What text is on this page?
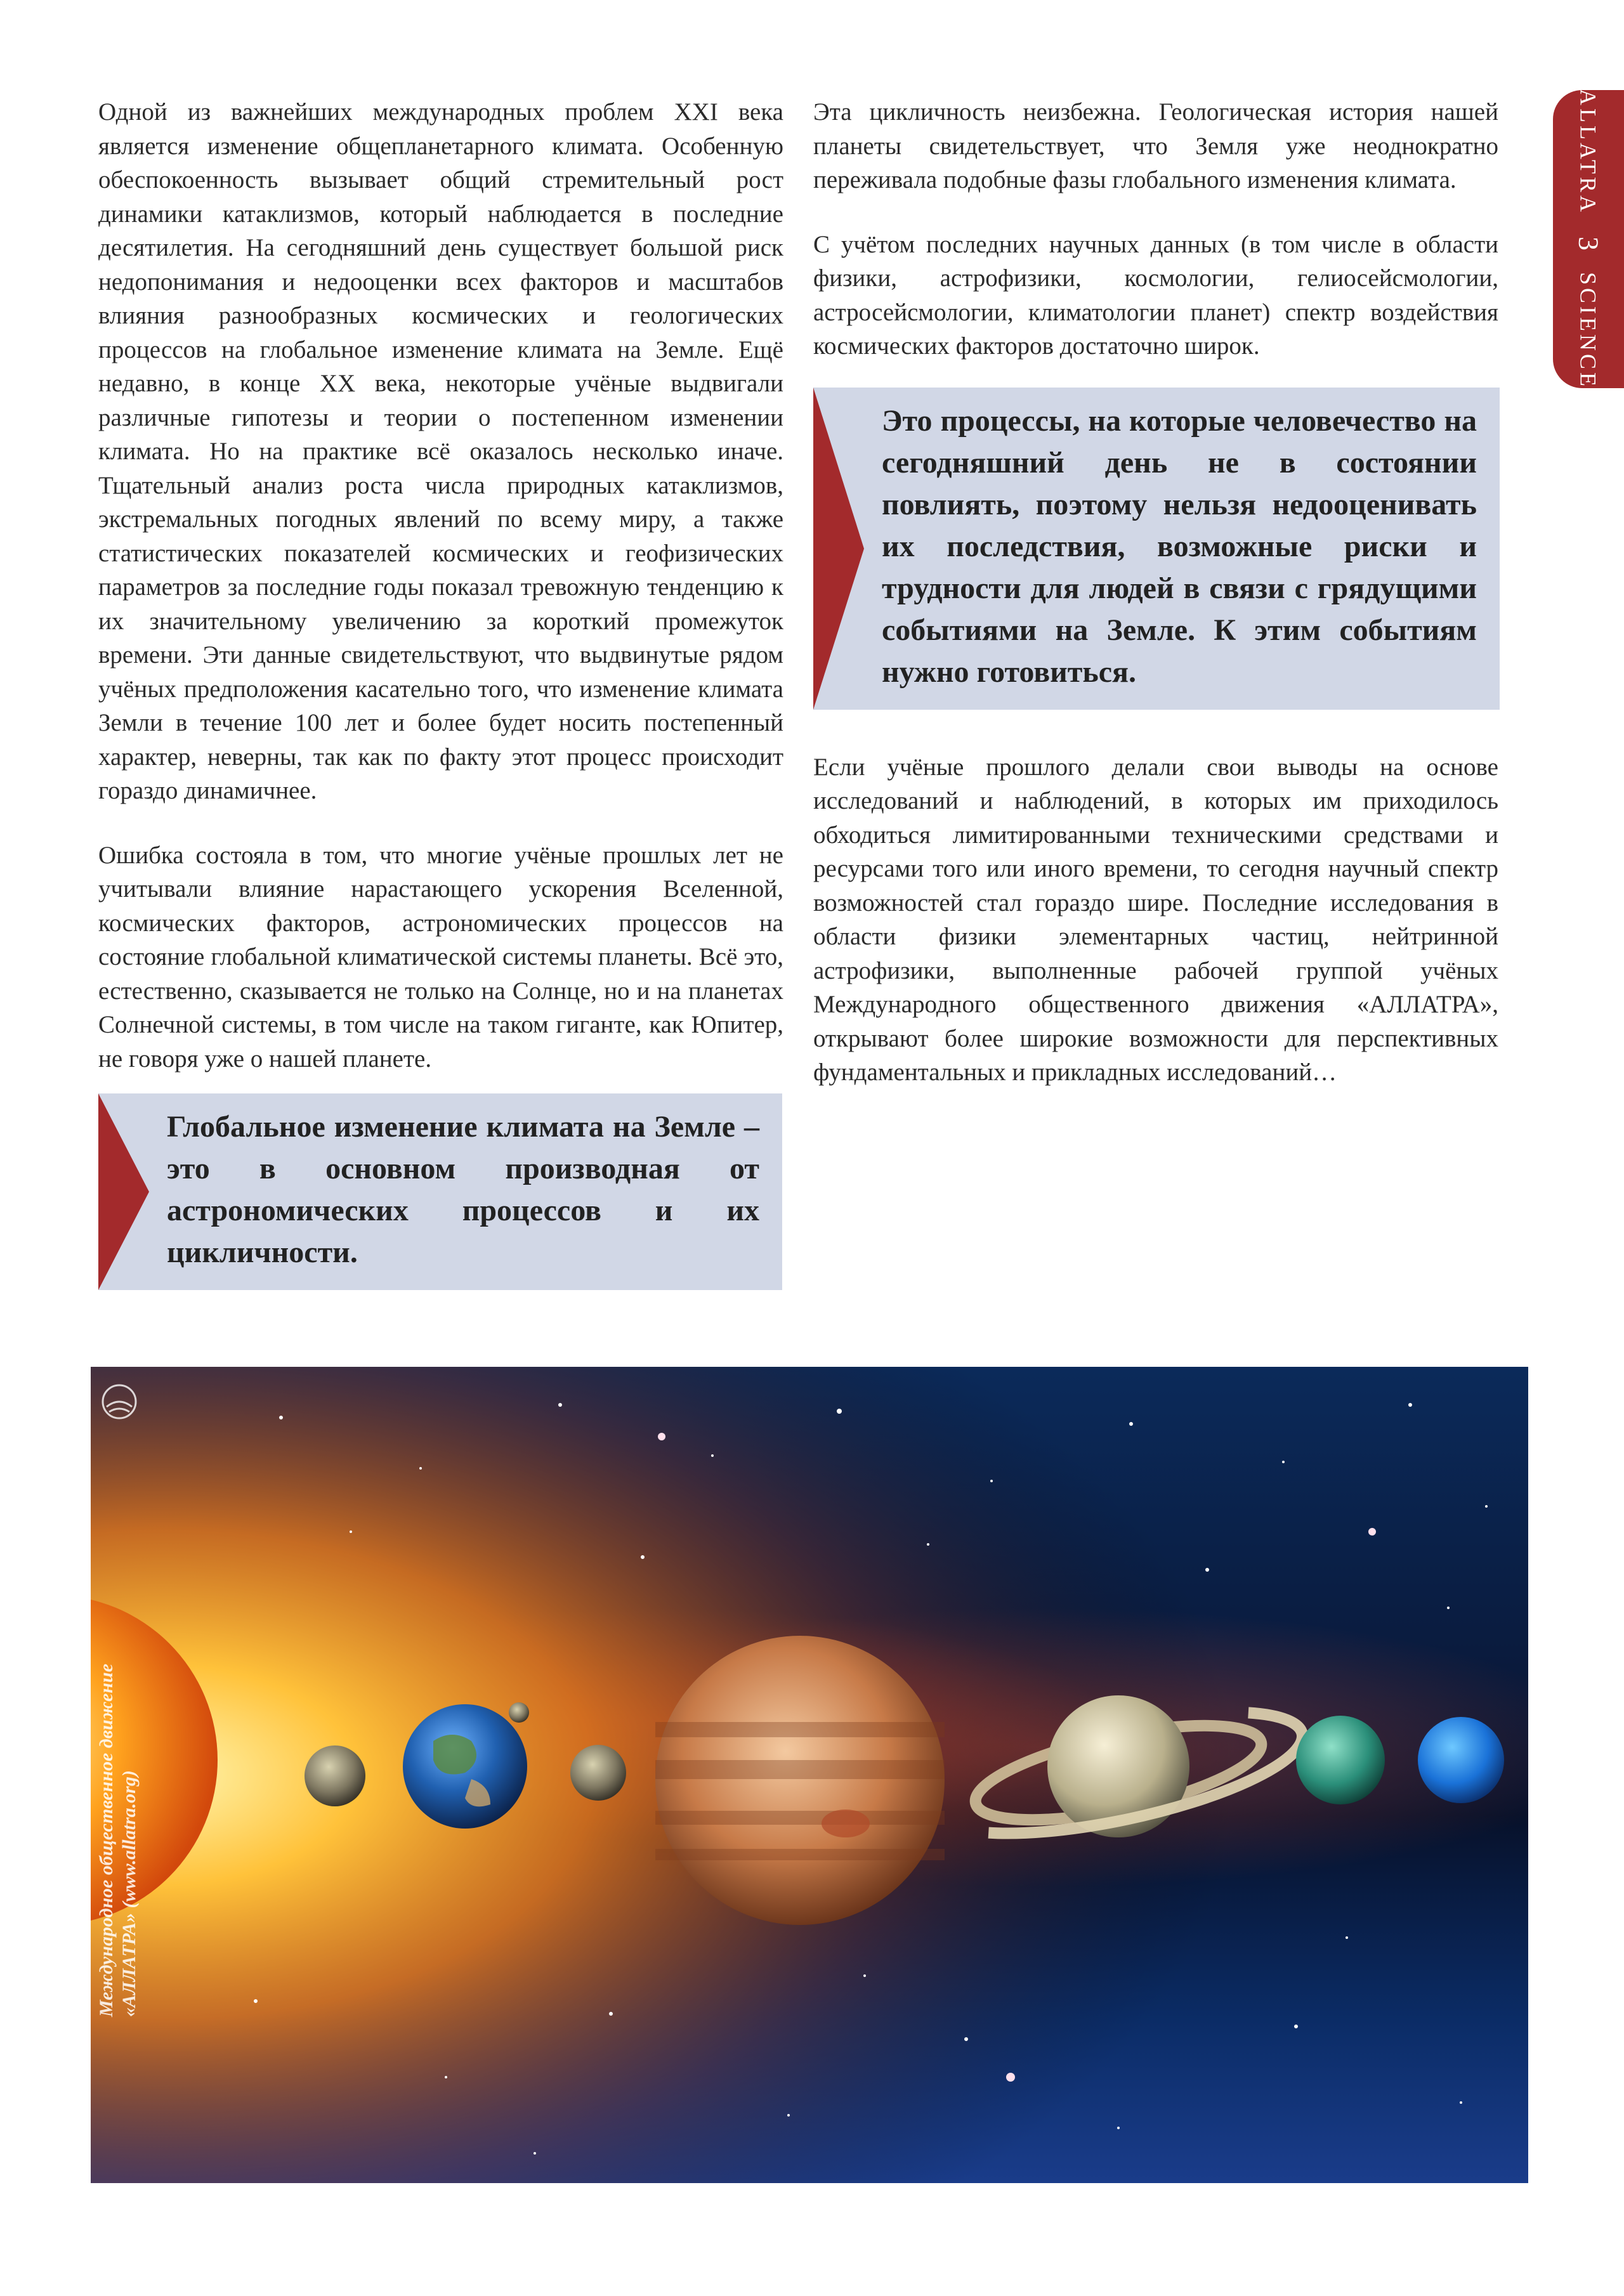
ALLATRA3SCIENCE

Одной из важнейших международных проблем XXI века является изменение общепланетарного климата. Особенную обеспокоенность вызывает общий стремительный рост динамики катаклизмов, который наблюдается в последние десятилетия. На сегодняшний день существует большой риск недопонимания и недооценки всех факторов и масштабов влияния разнообразных космических и геологических процессов на глобальное изменение климата на Земле. Ещё недавно, в конце XX века, некоторые учёные выдвигали различные гипотезы и теории о постепенном изменении климата. Но на практике всё оказалось несколько иначе. Тщательный анализ роста числа природных катаклизмов, экстремальных погодных явлений по всему миру, а также статистических показателей космических и геофизических параметров за последние годы показал тревожную тенденцию к их значительному увеличению за короткий промежуток времени. Эти данные свидетельствуют, что выдвинутые рядом учёных предположения касательно того, что изменение климата Земли в течение 100 лет и более будет носить постепенный характер, неверны, так как по факту этот процесс происходит гораздо динамичнее.

Ошибка состояла в том, что многие учёные прошлых лет не учитывали влияние нарастающего ускорения Вселенной, космических факторов, астрономических процессов на состояние глобальной климатической системы планеты. Всё это, естественно, сказывается не только на Солнце, но и на планетах Солнечной системы, в том числе на таком гиганте, как Юпитер, не говоря уже о нашей планете.

Глобальное изменение климата на Земле – это в основном производная от астрономических процессов и их цикличности.

Эта цикличность неизбежна. Геологическая история нашей планеты свидетельствует, что Земля уже неоднократно переживала подобные фазы глобального изменения климата.

С учётом последних научных данных (в том числе в области физики, астрофизики, космологии, гелиосейсмологии, астросейсмологии, климатологии планет) спектр воздействия космических факторов достаточно широк.

Это процессы, на которые человечество на сегодняшний день не в состоянии повлиять, поэтому нельзя недооценивать их последствия, возможные риски и трудности для людей в связи с грядущими событиями на Земле. К этим событиям нужно готовиться.

Если учёные прошлого делали свои выводы на основе исследований и наблюдений, в которых им приходилось обходиться лимитированными техническими средствами и ресурсами того или иного времени, то сегодня научный спектр возможностей стал гораздо шире. Последние исследования в области физики элементарных частиц, нейтринной астрофизики, выполненные рабочей группой учёных Международного общественного движения «АЛЛАТРА», открывают более широкие возможности для перспективных фундаментальных и прикладных исследований…

Международное общественное движение «АЛЛАТРА» (www.allatra.org)
